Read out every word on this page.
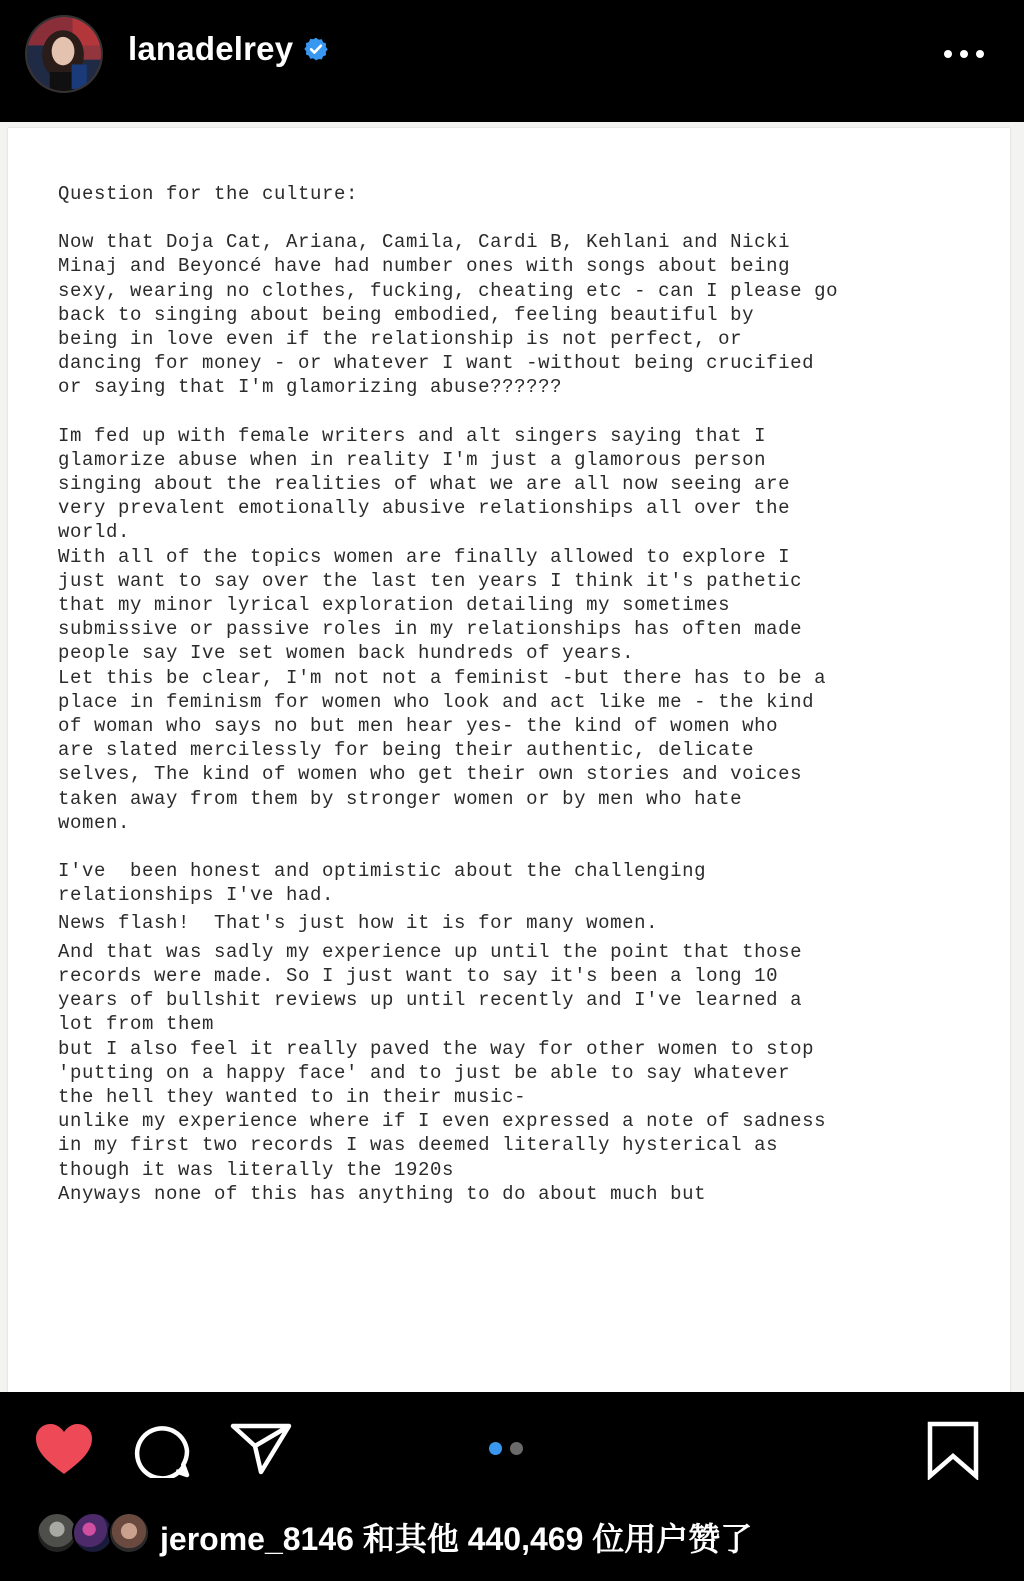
lanadelrey

Question for the culture:

Now that Doja Cat, Ariana, Camila, Cardi B, Kehlani and Nicki

Minaj and Beyoncé have had number ones with songs about being

sexy, wearing no clothes, fucking, cheating etc - can I please go

back to singing about being embodied, feeling beautiful by

being in love even if the relationship is not perfect, or

dancing for money - or whatever I want -without being crucified

or saying that I'm glamorizing abuse??????

Im fed up with female writers and alt singers saying that I

glamorize abuse when in reality I'm just a glamorous person

singing about the realities of what we are all now seeing are

very prevalent emotionally abusive relationships all over the

world.

With all of the topics women are finally allowed to explore I

just want to say over the last ten years I think it's pathetic

that my minor lyrical exploration detailing my sometimes

submissive or passive roles in my relationships has often made

people say Ive set women back hundreds of years.

Let this be clear, I'm not not a feminist -but there has to be a

place in feminism for women who look and act like me - the kind

of woman who says no but men hear yes- the kind of women who

are slated mercilessly for being their authentic, delicate

selves, The kind of women who get their own stories and voices

taken away from them by stronger women or by men who hate

women.

I've  been honest and optimistic about the challenging

relationships I've had.

News flash!  That's just how it is for many women.

And that was sadly my experience up until the point that those

records were made. So I just want to say it's been a long 10

years of bullshit reviews up until recently and I've learned a

lot from them

but I also feel it really paved the way for other women to stop

'putting on a happy face' and to just be able to say whatever

the hell they wanted to in their music-

unlike my experience where if I even expressed a note of sadness

in my first two records I was deemed literally hysterical as

though it was literally the 1920s

Anyways none of this has anything to do about much but

jerome_8146 和其他 440,469 位用户赞了
